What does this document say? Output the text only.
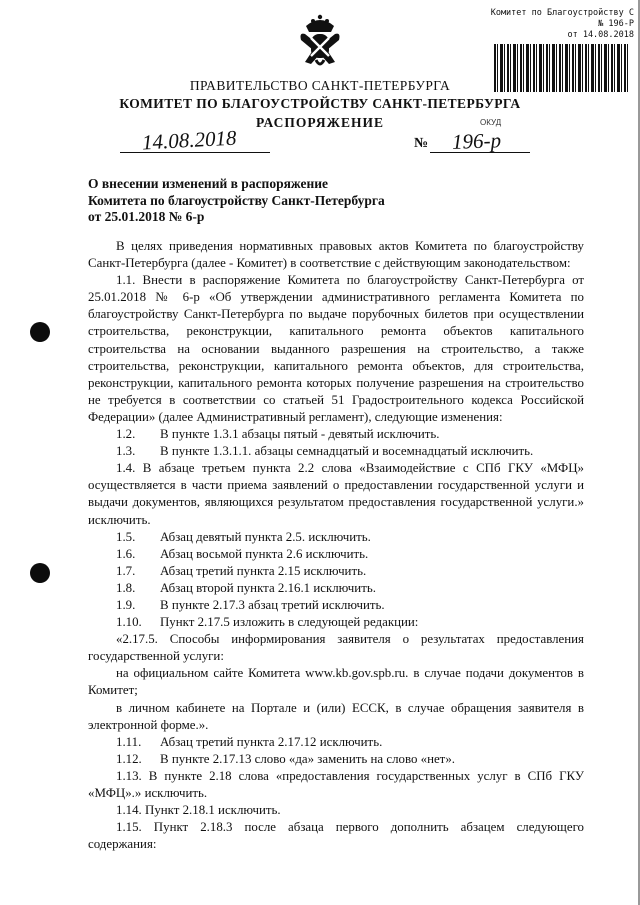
Комитет по Благоустройству С
№ 196-Р
от 14.08.2018
ПРАВИТЕЛЬСТВО САНКТ-ПЕТЕРБУРГА
КОМИТЕТ ПО БЛАГОУСТРОЙСТВУ САНКТ-ПЕТЕРБУРГА
РАСПОРЯЖЕНИЕ	ОКУД
14.08.2018	№ 196-р
О внесении изменений в распоряжение
Комитета по благоустройству Санкт-Петербурга
от 25.01.2018 № 6-р

В целях приведения нормативных правовых актов Комитета по благоустройству Санкт-Петербурга (далее - Комитет) в соответствие с действующим законодательством:

1.1. Внести в распоряжение Комитета по благоустройству Санкт-Петербурга от 25.01.2018 № 6-р «Об утверждении административного регламента Комитета по благоустройству Санкт-Петербурга по выдаче порубочных билетов при осуществлении строительства, реконструкции, капитального ремонта объектов капитального строительства на основании выданного разрешения на строительство, а также строительства, реконструкции, капитального ремонта объектов, для строительства, реконструкции, капитального ремонта которых получение разрешения на строительство не требуется в соответствии со статьей 51 Градостроительного кодекса Российской Федерации» (далее Административный регламент), следующие изменения:

1.2. В пункте 1.3.1 абзацы пятый - девятый исключить.

1.3. В пункте 1.3.1.1. абзацы семнадцатый и восемнадцатый исключить.

1.4. В абзаце третьем пункта 2.2 слова «Взаимодействие с СПб ГКУ «МФЦ» осуществляется в части приема заявлений о предоставлении государственной услуги и выдачи документов, являющихся результатом предоставления государственной услуги.» исключить.

1.5. Абзац девятый пункта 2.5. исключить.

1.6. Абзац восьмой пункта 2.6 исключить.

1.7. Абзац третий пункта 2.15 исключить.

1.8. Абзац второй пункта 2.16.1 исключить.

1.9. В пункте 2.17.3 абзац третий исключить.

1.10. Пункт 2.17.5 изложить в следующей редакции:

«2.17.5. Способы информирования заявителя о результатах предоставления государственной услуги:

на официальном сайте Комитета www.kb.gov.spb.ru. в случае подачи документов в Комитет;

в личном кабинете на Портале и (или) ЕССК, в случае обращения заявителя в электронной форме.».

1.11. Абзац третий пункта 2.17.12 исключить.

1.12. В пункте 2.17.13 слово «да» заменить на слово «нет».

1.13. В пункте 2.18 слова «предоставления государственных услуг в СПб ГКУ «МФЦ».» исключить.

1.14. Пункт 2.18.1 исключить.

1.15. Пункт 2.18.3 после абзаца первого дополнить абзацем следующего содержания:
